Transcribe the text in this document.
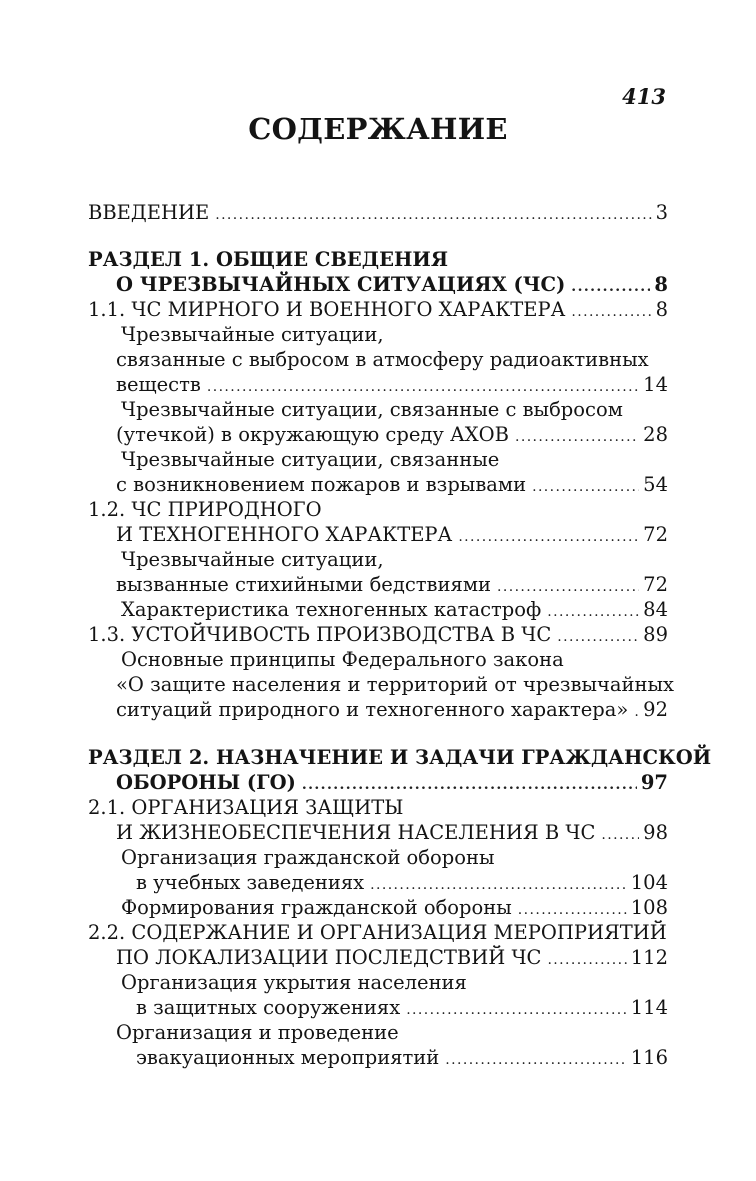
413
СОДЕРЖАНИЕ
ВВЕДЕНИЕ .....	3
РАЗДЕЛ 1. ОБЩИЕ СВЕДЕНИЯ
О ЧРЕЗВЫЧАЙНЫХ СИТУАЦИЯХ (ЧС) .....	8
1.1. ЧС МИРНОГО И ВОЕННОГО ХАРАКТЕРА .....	8
Чрезвычайные ситуации,
связанные с выбросом в атмосферу радиоактивных
веществ .....	14
Чрезвычайные ситуации, связанные с выбросом
(утечкой) в окружающую среду АХОВ .....	28
Чрезвычайные ситуации, связанные
с возникновением пожаров и взрывами .....	54
1.2. ЧС ПРИРОДНОГО
И ТЕХНОГЕННОГО ХАРАКТЕРА .....	72
Чрезвычайные ситуации,
вызванные стихийными бедствиями .....	72
Характеристика техногенных катастроф .....	84
1.3. УСТОЙЧИВОСТЬ ПРОИЗВОДСТВА В ЧС .....	89
Основные принципы Федерального закона
«О защите населения и территорий от чрезвычайных
ситуаций природного и техногенного характера» ..... 92
РАЗДЕЛ 2. НАЗНАЧЕНИЕ И ЗАДАЧИ ГРАЖДАНСКОЙ
ОБОРОНЫ (ГО) .....	97
2.1. ОРГАНИЗАЦИЯ ЗАЩИТЫ
И ЖИЗНЕОБЕСПЕЧЕНИЯ НАСЕЛЕНИЯ В ЧС ..... 98
Организация гражданской обороны
в учебных заведениях .....	104
Формирования гражданской обороны .....	108
2.2. СОДЕРЖАНИЕ И ОРГАНИЗАЦИЯ МЕРОПРИЯТИЙ
ПО ЛОКАЛИЗАЦИИ ПОСЛЕДСТВИЙ ЧС .....	112
Организация укрытия населения
в защитных сооружениях .....	114
Организация и проведение
эвакуационных мероприятий .....	116
